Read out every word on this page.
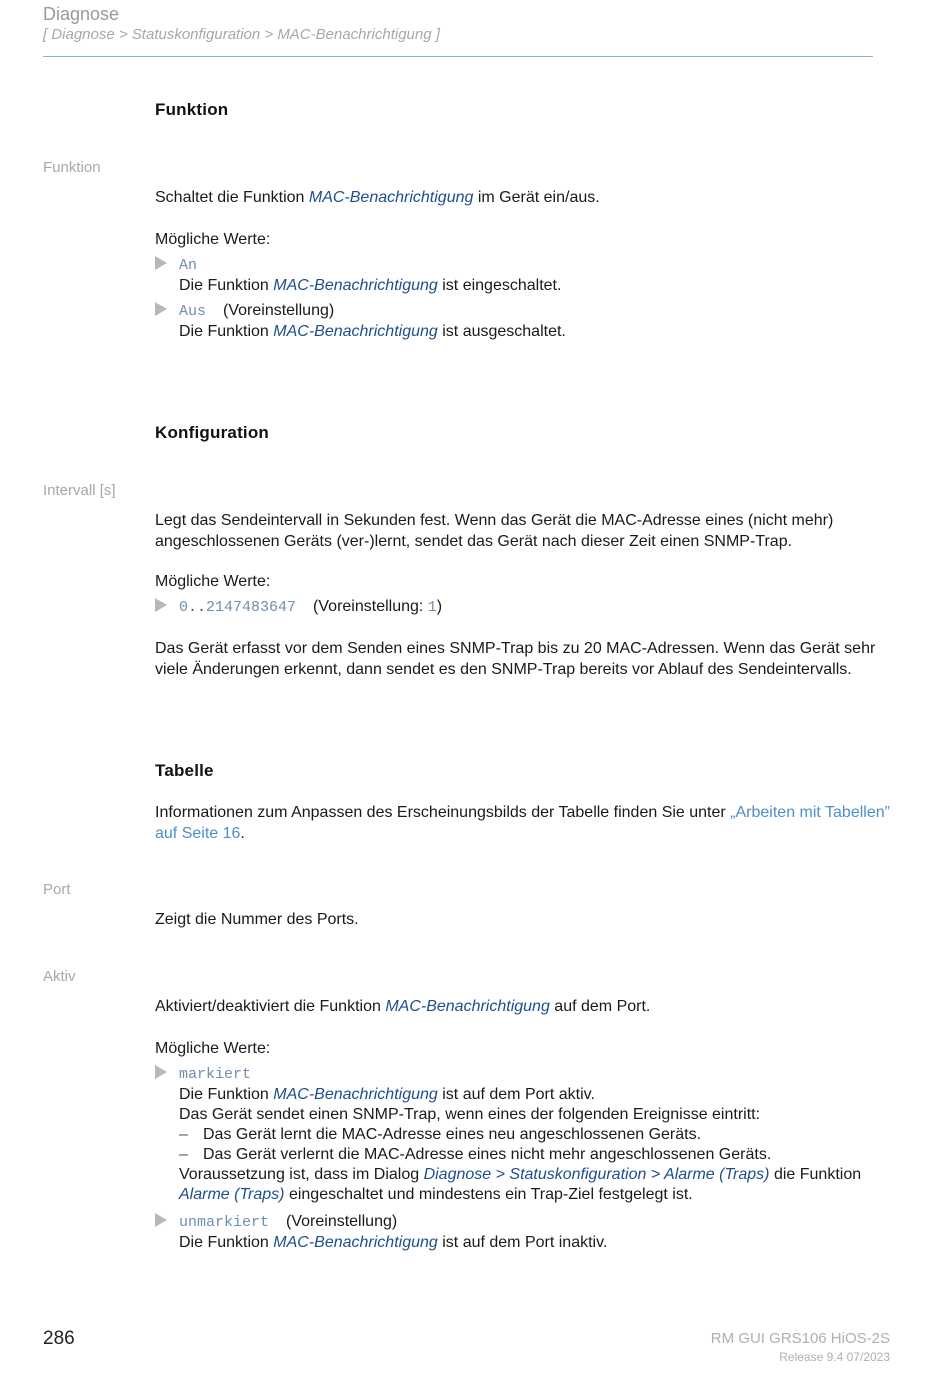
Diagnose
[ Diagnose > Statuskonfiguration > MAC-Benachrichtigung ]
Funktion
Funktion
Schaltet die Funktion MAC-Benachrichtigung im Gerät ein/aus.
Mögliche Werte:
An
Die Funktion MAC-Benachrichtigung ist eingeschaltet.
Aus (Voreinstellung)
Die Funktion MAC-Benachrichtigung ist ausgeschaltet.
Konfiguration
Intervall [s]
Legt das Sendeintervall in Sekunden fest. Wenn das Gerät die MAC-Adresse eines (nicht mehr) angeschlossenen Geräts (ver-)lernt, sendet das Gerät nach dieser Zeit einen SNMP-Trap.
Mögliche Werte:
0..2147483647 (Voreinstellung: 1)
Das Gerät erfasst vor dem Senden eines SNMP-Trap bis zu 20 MAC-Adressen. Wenn das Gerät sehr viele Änderungen erkennt, dann sendet es den SNMP-Trap bereits vor Ablauf des Sendeintervalls.
Tabelle
Informationen zum Anpassen des Erscheinungsbilds der Tabelle finden Sie unter „Arbeiten mit Tabellen” auf Seite 16.
Port
Zeigt die Nummer des Ports.
Aktiv
Aktiviert/deaktiviert die Funktion MAC-Benachrichtigung auf dem Port.
Mögliche Werte:
markiert
Die Funktion MAC-Benachrichtigung ist auf dem Port aktiv.
Das Gerät sendet einen SNMP-Trap, wenn eines der folgenden Ereignisse eintritt:
– Das Gerät lernt die MAC-Adresse eines neu angeschlossenen Geräts.
– Das Gerät verlernt die MAC-Adresse eines nicht mehr angeschlossenen Geräts.
Voraussetzung ist, dass im Dialog Diagnose > Statuskonfiguration > Alarme (Traps) die Funktion
Alarme (Traps) eingeschaltet und mindestens ein Trap-Ziel festgelegt ist.
unmarkiert (Voreinstellung)
Die Funktion MAC-Benachrichtigung ist auf dem Port inaktiv.
286	RM GUI GRS106 HiOS-2S
Release 9.4 07/2023
